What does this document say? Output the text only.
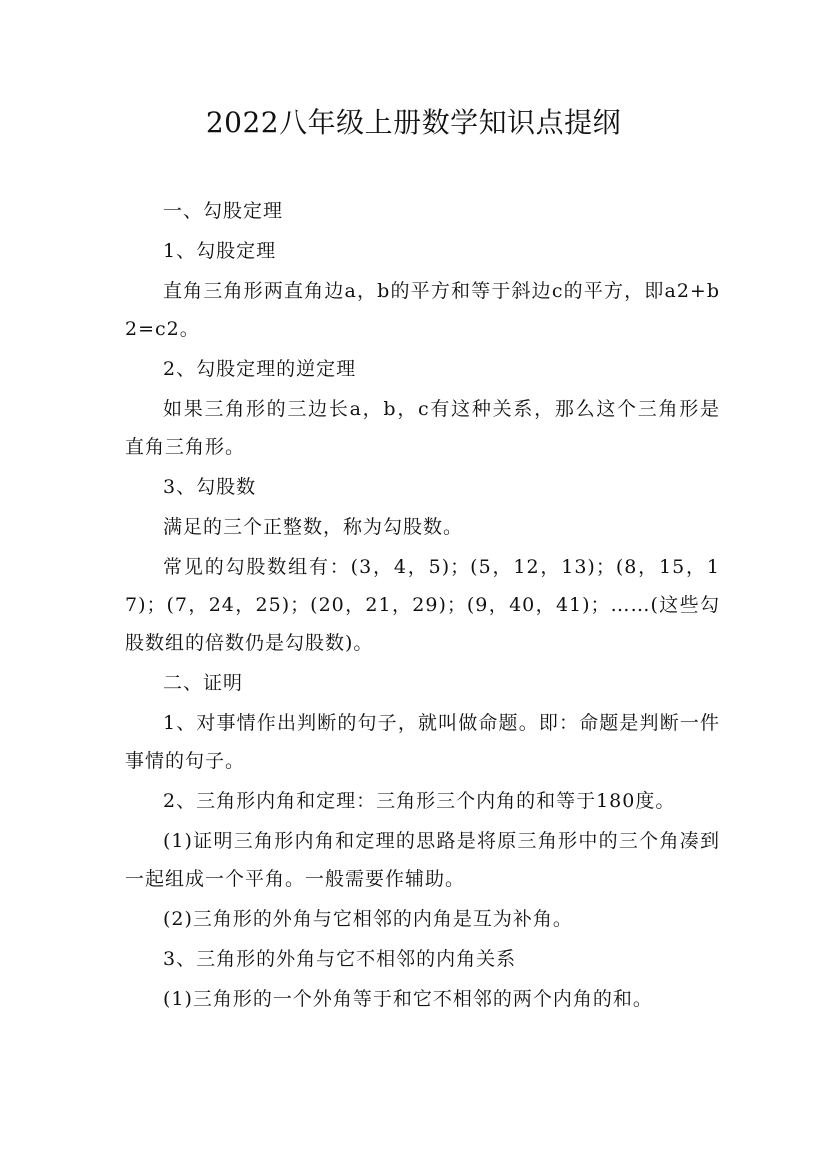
2022八年级上册数学知识点提纲

一、勾股定理

1、勾股定理

直角三角形两直角边a，b的平方和等于斜边c的平方，即a2+b2=c2。

2、勾股定理的逆定理

如果三角形的三边长a，b，c有这种关系，那么这个三角形是直角三角形。

3、勾股数

满足的三个正整数，称为勾股数。

常见的勾股数组有：(3，4，5)；(5，12，13)；(8，15，17)；(7，24，25)；(20，21，29)；(9，40，41)；……(这些勾股数组的倍数仍是勾股数)。

二、证明

1、对事情作出判断的句子，就叫做命题。即：命题是判断一件事情的句子。

2、三角形内角和定理：三角形三个内角的和等于180度。

(1)证明三角形内角和定理的思路是将原三角形中的三个角凑到一起组成一个平角。一般需要作辅助。

(2)三角形的外角与它相邻的内角是互为补角。

3、三角形的外角与它不相邻的内角关系

(1)三角形的一个外角等于和它不相邻的两个内角的和。
